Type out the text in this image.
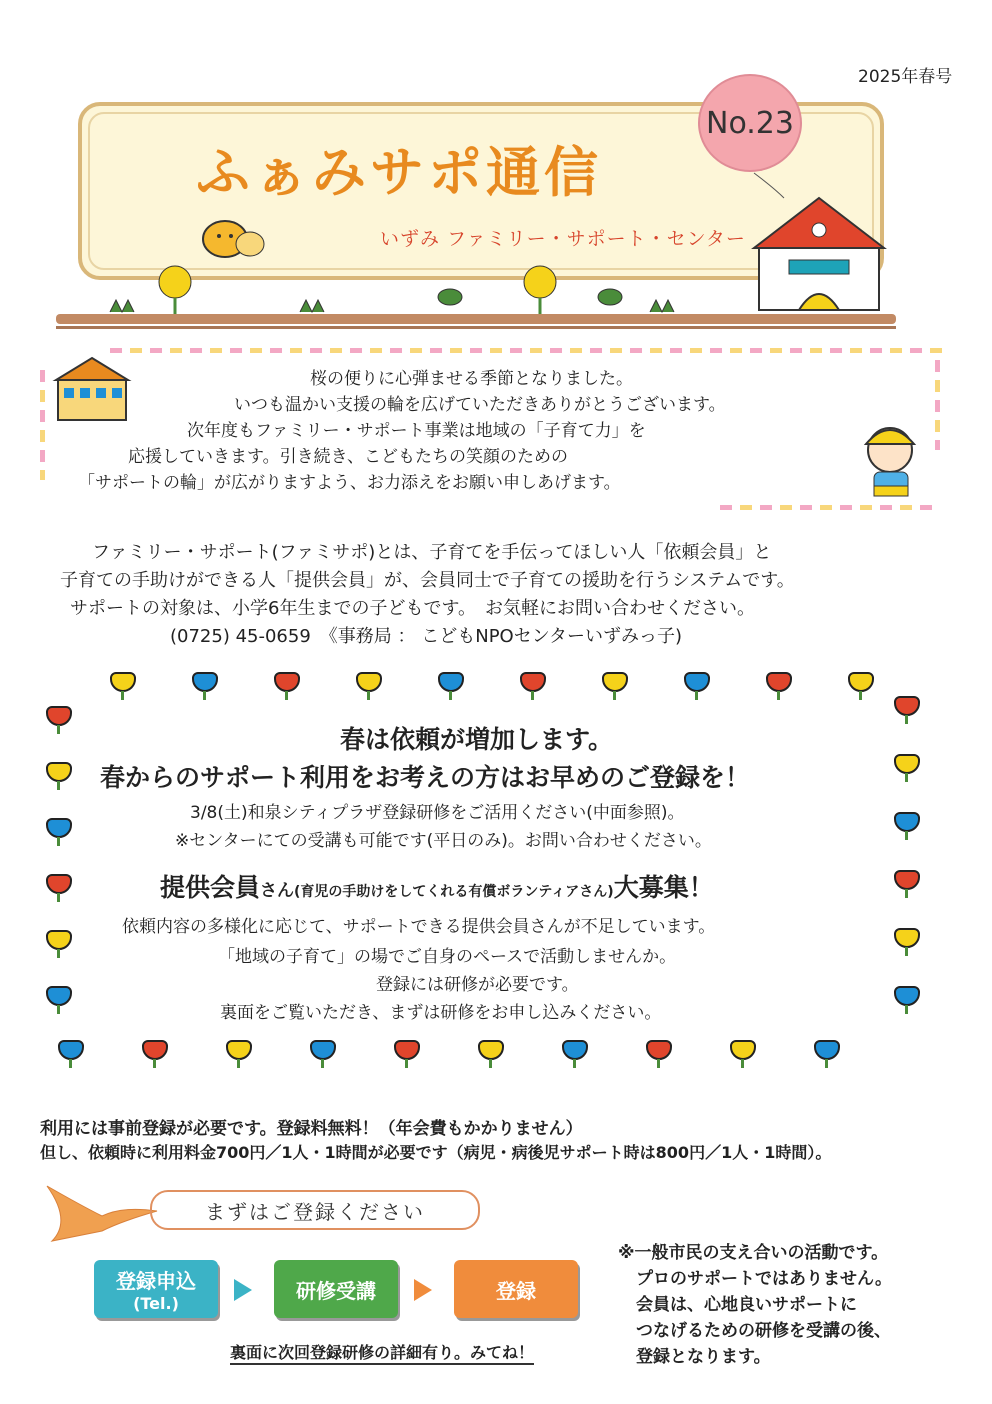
2025年春号
ふぁみサポ通信
いずみ ファミリー・サポート・センター
No.23
桜の便りに心弾ませる季節となりました。
いつも温かい支援の輪を広げていただきありがとうございます。
次年度もファミリー・サポート事業は地域の「子育て力」を
応援していきます。引き続き、こどもたちの笑顔のための
「サポートの輪」が広がりますよう、お力添えをお願い申しあげます。
ファミリー・サポート(ファミサポ)とは、子育てを手伝ってほしい人「依頼会員」と
子育ての手助けができる人「提供会員」が、会員同士で子育ての援助を行うシステムです。
サポートの対象は、小学6年生までの子どもです。　お気軽にお問い合わせください。
(0725) 45-0659　《事務局 ： こどもNPOセンターいずみっ子)
春は依頼が増加します。
春からのサポート利用をお考えの方はお早めのご登録を！
3/8(土)和泉シティプラザ登録研修をご活用ください(中面参照)。
※センターにての受講も可能です(平日のみ)。お問い合わせください。
提供会員さん(育児の手助けをしてくれる有償ボランティアさん)大募集！
依頼内容の多様化に応じて、サポートできる提供会員さんが不足しています。
「地域の子育て」の場でご自身のペースで活動しませんか。
登録には研修が必要です。
裏面をご覧いただき、まずは研修をお申し込みください。
利用には事前登録が必要です。登録料無料！（年会費もかかりません）
但し、依頼時に利用料金700円／1人・1時間が必要です（病児・病後児サポート時は800円／1人・1時間）。
まずはご登録ください
登録申込
(Tel.)
研修受講	登録
裏面に次回登録研修の詳細有り。みてね！
※一般市民の支え合いの活動です。
プロのサポートではありません。
会員は、心地良いサポートに
つなげるための研修を受講の後、
登録となります。
